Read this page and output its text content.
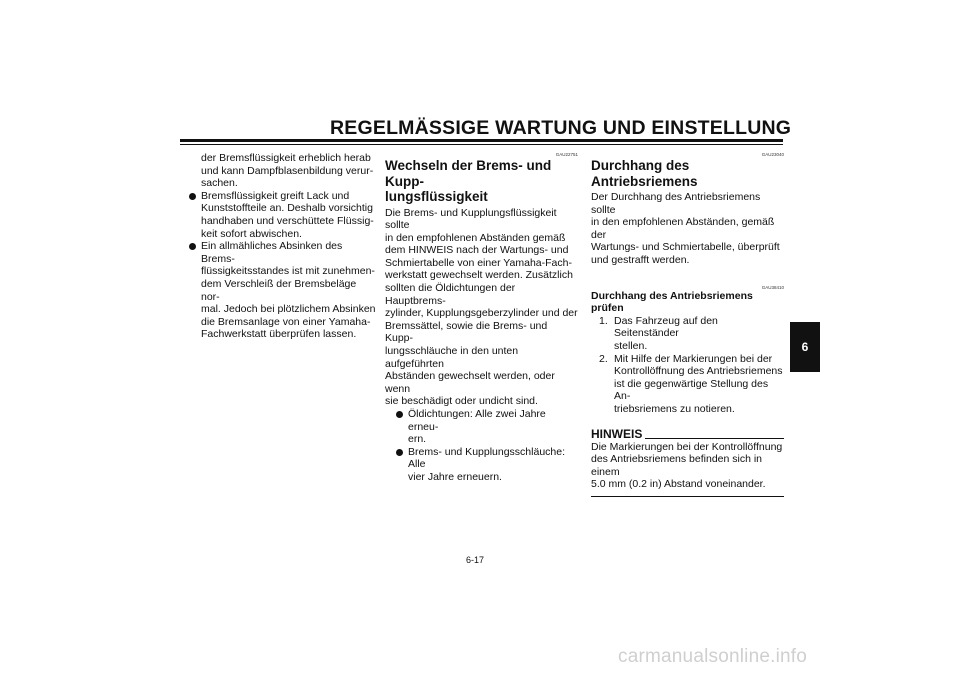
REGELMÄSSIGE WARTUNG UND EINSTELLUNG
der Bremsflüssigkeit erheblich herab
und kann Dampfblasenbildung verur-
sachen.
Bremsflüssigkeit greift Lack und
Kunststoffteile an. Deshalb vorsichtig
handhaben und verschüttete Flüssig-
keit sofort abwischen.
Ein allmähliches Absinken des Brems-
flüssigkeitsstandes ist mit zunehmen-
dem Verschleiß der Bremsbeläge nor-
mal. Jedoch bei plötzlichem Absinken
die Bremsanlage von einer Yamaha-
Fachwerkstatt überprüfen lassen.
GAU22751
Wechseln der Brems- und Kupp-
lungsflüssigkeit
Die Brems- und Kupplungsflüssigkeit sollte
in den empfohlenen Abständen gemäß
dem HINWEIS nach der Wartungs- und
Schmiertabelle von einer Yamaha-Fach-
werkstatt gewechselt werden. Zusätzlich
sollten die Öldichtungen der Hauptbrems-
zylinder, Kupplungsgeberzylinder und der
Bremssättel, sowie die Brems- und Kupp-
lungsschläuche in den unten aufgeführten
Abständen gewechselt werden, oder wenn
sie beschädigt oder undicht sind.
Öldichtungen: Alle zwei Jahre erneu-
ern.
Brems- und Kupplungsschläuche: Alle
vier Jahre erneuern.
GAU23040
Durchhang des Antriebsriemens
Der Durchhang des Antriebsriemens sollte
in den empfohlenen Abständen, gemäß der
Wartungs- und Schmiertabelle, überprüft
und gestrafft werden.
GAU38410
Durchhang des Antriebsriemens prüfen
1. Das Fahrzeug auf den Seitenständer
stellen.
2. Mit Hilfe der Markierungen bei der
Kontrollöffnung des Antriebsriemens
ist die gegenwärtige Stellung des An-
triebsriemens zu notieren.
HINWEIS
Die Markierungen bei der Kontrollöffnung
des Antriebsriemens befinden sich in einem
5.0 mm (0.2 in) Abstand voneinander.
6
6-17
carmanualsonline.info
